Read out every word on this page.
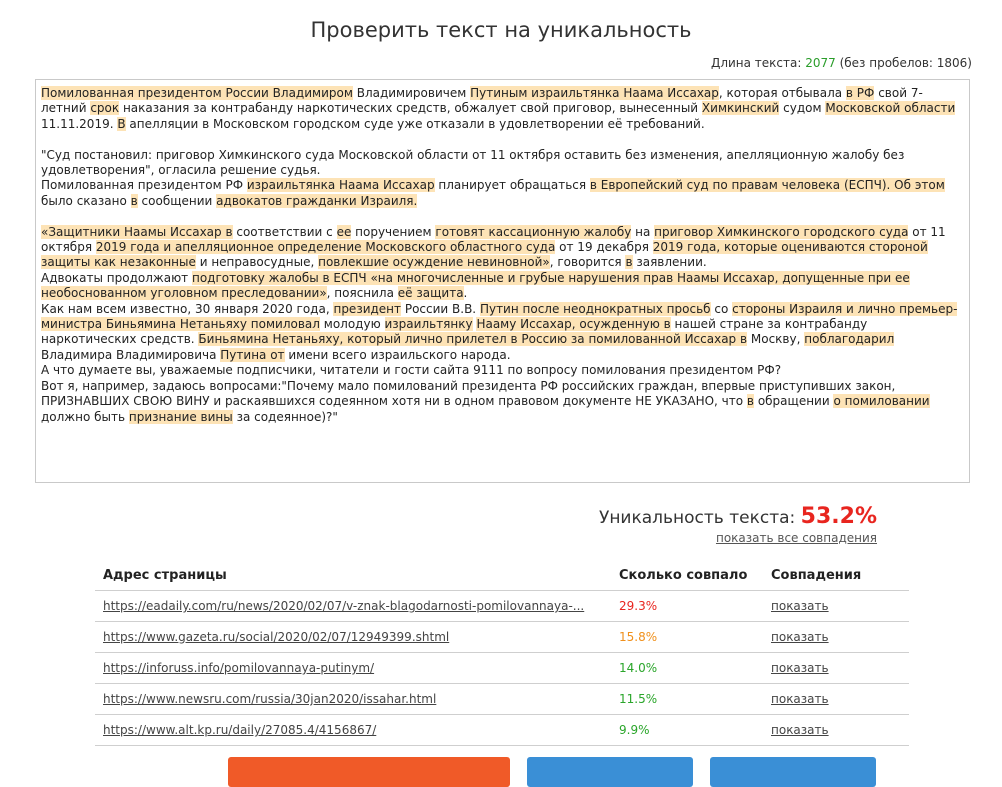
Проверить текст на уникальность
Длина текста: 2077 (без пробелов: 1806)

Помилованная президентом России Владимиром Владимировичем Путиным израильтянка Наама Иссахар, которая отбывала в РФ свой 7-летний срок наказания за контрабанду наркотических средств, обжалует свой приговор, вынесенный Химкинский судом Московской области 11.11.2019. В апелляции в Московском городском суде уже отказали в удовлетворении её требований.

"Суд постановил: приговор Химкинского суда Московской области от 11 октября оставить без изменения, апелляционную жалобу без удовлетворения", огласила решение судья.

Помилованная президентом РФ израильтянка Наама Иссахар планирует обращаться в Европейский суд по правам человека (ЕСПЧ). Об этом было сказано в сообщении адвокатов гражданки Израиля.

«Защитники Наамы Иссахар в соответствии с ее поручением готовят кассационную жалобу на приговор Химкинского городского суда от 11 октября 2019 года и апелляционное определение Московского областного суда от 19 декабря 2019 года, которые оцениваются стороной защиты как незаконные и неправосудные, повлекшие осуждение невиновной», говорится в заявлении.

Адвокаты продолжают подготовку жалобы в ЕСПЧ «на многочисленные и грубые нарушения прав Наамы Иссахар, допущенные при ее необоснованном уголовном преследовании», пояснила её защита.

Как нам всем известно, 30 января 2020 года, президент России В.В. Путин после неоднократных просьб со стороны Израиля и лично премьер-министра Биньямина Нетаньяху помиловал молодую израильтянку Нааму Иссахар, осужденную в нашей стране за контрабанду наркотических средств. Биньямина Нетаньяху, который лично прилетел в Россию за помилованной Иссахар в Москву, поблагодарил Владимира Владимировича Путина от имени всего израильского народа.

А что думаете вы, уважаемые подписчики, читатели и гости сайта 9111 по вопросу помилования президентом РФ?

Вот я, например, задаюсь вопросами:"Почему мало помилований президента РФ российских граждан, впервые приступивших закон, ПРИЗНАВШИХ СВОЮ ВИНУ и раскаявшихся содеянном хотя ни в одном правовом документе НЕ УКАЗАНО, что в обращении о помиловании должно быть признание вины за содеянное)?"

Уникальность текста: 53.2%
показать все совпадения
Адрес страницы	Сколько совпало	Совпадения
https://eadaily.com/ru/news/2020/02/07/v-znak-blagodarnosti-pomilovannaya-...	29.3%	показать
https://www.gazeta.ru/social/2020/02/07/12949399.shtml	15.8%	показать
https://inforuss.info/pomilovannaya-putinym/	14.0%	показать
https://www.newsru.com/russia/30jan2020/issahar.html	11.5%	показать
https://www.alt.kp.ru/daily/27085.4/4156867/	9.9%	показать
